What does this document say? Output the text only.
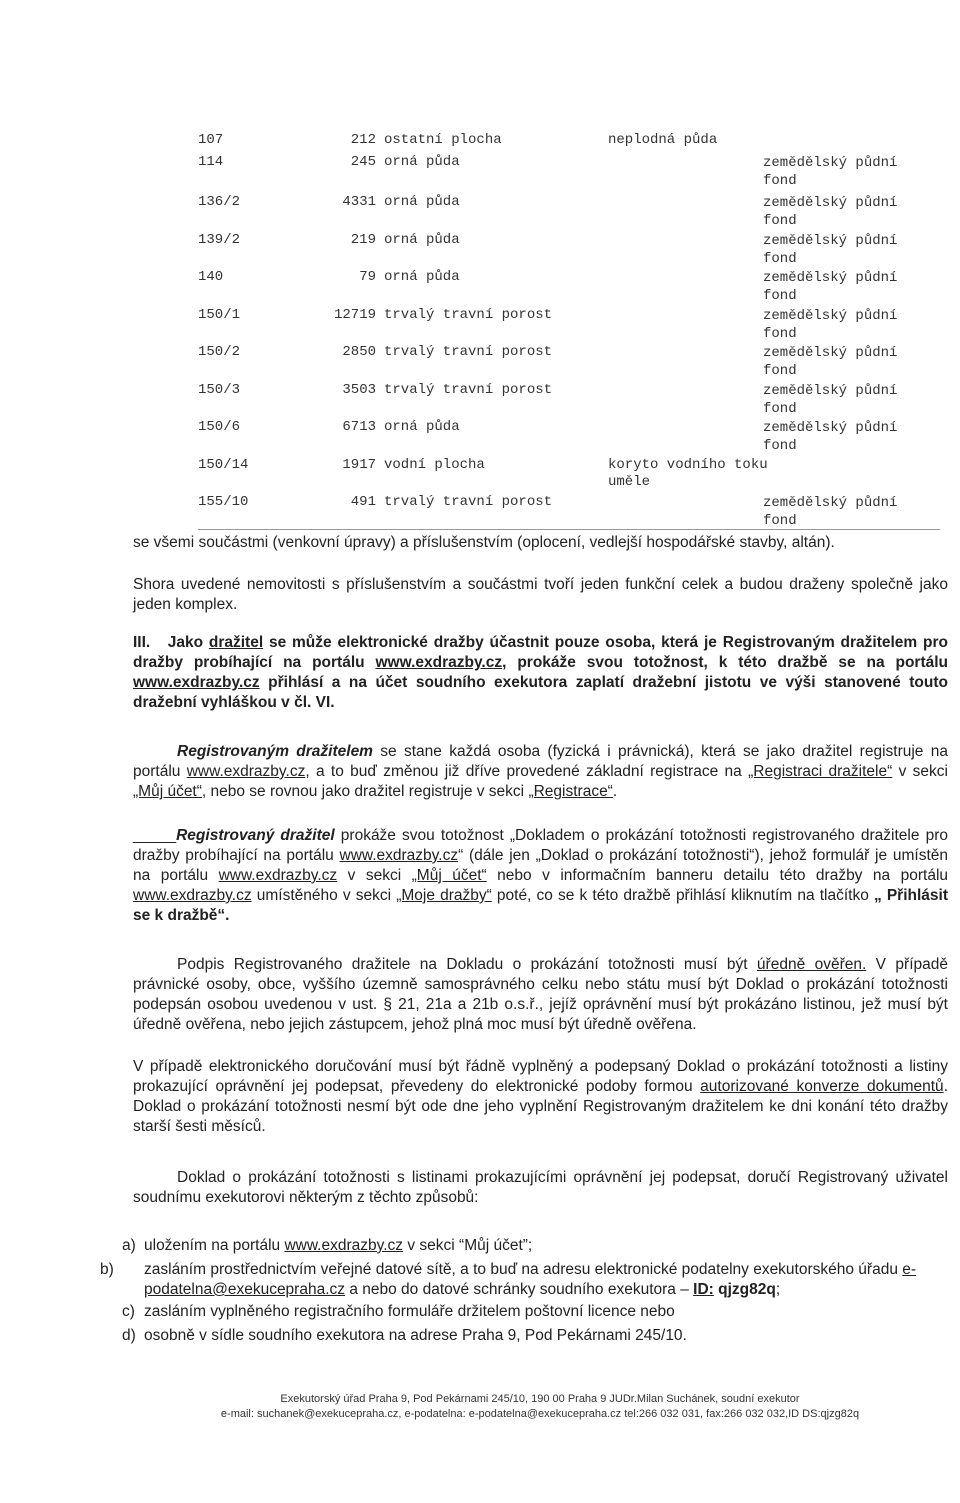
107	212 ostatní plocha	neplodná půda
114	245 orná půda	zemědělský půdní fond
136/2	4331 orná půda	zemědělský půdní fond
139/2	219 orná půda	zemědělský půdní fond
140	79 orná půda	zemědělský půdní fond
150/1	12719 trvalý travní porost	zemědělský půdní fond
150/2	2850 trvalý travní porost	zemědělský půdní fond
150/3	3503 trvalý travní porost	zemědělský půdní fond
150/6	6713 orná půda	zemědělský půdní fond
150/14	1917 vodní plocha	koryto vodního toku uměle
155/10	491 trvalý travní porost	zemědělský půdní fond
se všemi součástmi (venkovní úpravy) a příslušenstvím (oplocení, vedlejší hospodářské stavby, altán).
Shora uvedené nemovitosti s příslušenstvím a součástmi tvoří jeden funkční celek a budou draženy společně jako jeden komplex.
III. Jako dražitel se může elektronické dražby účastnit pouze osoba, která je Registrovaným dražitelem pro dražby probíhající na portálu www.exdrazby.cz, prokáže svou totožnost, k této dražbě se na portálu www.exdrazby.cz přihlásí a na účet soudního exekutora zaplatí dražební jistotu ve výši stanovené touto dražební vyhláškou v čl. VI.
Registrovaným dražitelem se stane každá osoba (fyzická i právnická), která se jako dražitel registruje na portálu www.exdrazby.cz, a to buď změnou již dříve provedené základní registrace na „Registraci dražitele“ v sekci „Můj účet“, nebo se rovnou jako dražitel registruje v sekci „Registrace“.
_____Registrovaný dražitel prokáže svou totožnost „Dokladem o prokázání totožnosti registrovaného dražitele pro dražby probíhající na portálu www.exdrazby.cz“ (dále jen „Doklad o prokázání totožnosti“), jehož formulář je umístěn na portálu www.exdrazby.cz v sekci „Můj účet“ nebo v informačním banneru detailu této dražby na portálu www.exdrazby.cz umístěného v sekci „Moje dražby“ poté, co se k této dražbě přihlásí kliknutím na tlačítko „ Přihlásit se k dražbě“.
Podpis Registrovaného dražitele na Dokladu o prokázání totožnosti musí být úředně ověřen. V případě právnické osoby, obce, vyššího územně samosprávného celku nebo státu musí být Doklad o prokázání totožnosti podepsán osobou uvedenou v ust. § 21, 21a a 21b o.s.ř., jejíž oprávnění musí být prokázáno listinou, jež musí být úředně ověřena, nebo jejich zástupcem, jehož plná moc musí být úředně ověřena.
V případě elektronického doručování musí být řádně vyplněný a podepsaný Doklad o prokázání totožnosti a listiny prokazující oprávnění jej podepsat, převedeny do elektronické podoby formou autorizované konverze dokumentů. Doklad o prokázání totožnosti nesmí být ode dne jeho vyplnění Registrovaným dražitelem ke dni konání této dražby starší šesti měsíců.
Doklad o prokázání totožnosti s listinami prokazujícími oprávnění jej podepsat, doručí Registrovaný uživatel soudnímu exekutorovi některým z těchto způsobů:
a) uložením na portálu www.exdrazby.cz v sekci “Můj účet”;
b) zasláním prostřednictvím veřejné datové sítě, a to buď na adresu elektronické podatelny exekutorského úřadu e-podatelna@exekucepraha.cz a nebo do datové schránky soudního exekutora – ID: qjzg82q;
c) zasláním vyplněného registračního formuláře držitelem poštovní licence nebo
d) osobně v sídle soudního exekutora na adrese Praha 9, Pod Pekárnami 245/10.
Exekutorský úřad Praha 9, Pod Pekárnami 245/10, 190 00 Praha 9 JUDr.Milan Suchánek, soudní exekutor
e-mail: suchanek@exekucepraha.cz, e-podatelna: e-podatelna@exekucepraha.cz tel:266 032 031, fax:266 032 032,ID DS:qjzg82q
